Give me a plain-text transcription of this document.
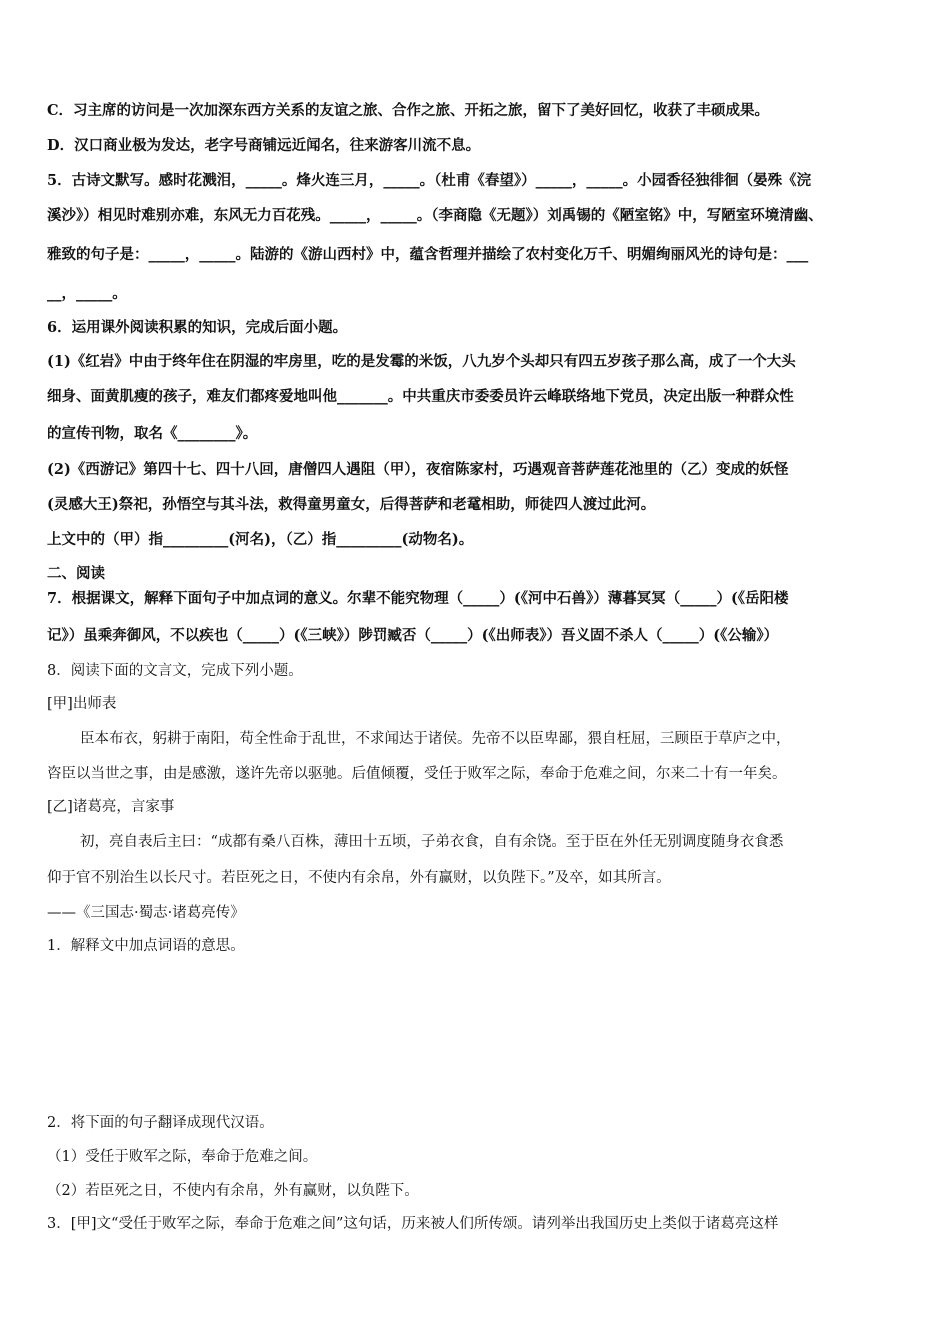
C．习主席的访问是一次加深东西方关系的友谊之旅、合作之旅、开拓之旅，留下了美好回忆，收获了丰硕成果。
D．汉口商业极为发达，老字号商铺远近闻名，往来游客川流不息。
5．古诗文默写。感时花溅泪，_____。烽火连三月，_____。（杜甫《春望》）_____，_____。小园香径独徘徊（晏殊《浣
溪沙》）相见时难别亦难，东风无力百花残。_____，_____。（李商隐《无题》）刘禹锡的《陋室铭》中，写陋室环境清幽、
雅致的句子是：_____，_____。陆游的《游山西村》中，蕴含哲理并描绘了农村变化万千、明媚绚丽风光的诗句是：___
__，_____。
6．运用课外阅读积累的知识，完成后面小题。
(1)《红岩》中由于终年住在阴湿的牢房里，吃的是发霉的米饭，八九岁个头却只有四五岁孩子那么高，成了一个大头
细身、面黄肌瘦的孩子，难友们都疼爱地叫他_______。中共重庆市委委员许云峰联络地下党员，决定出版一种群众性
的宣传刊物，取名《________》。
(2)《西游记》第四十七、四十八回，唐僧四人遇阻（甲），夜宿陈家村，巧遇观音菩萨莲花池里的（乙）变成的妖怪
(灵感大王)祭祀，孙悟空与其斗法，救得童男童女，后得菩萨和老鼋相助，师徒四人渡过此河。
上文中的（甲）指_________(河名)，（乙）指_________(动物名)。
二、阅读
7．根据课文，解释下面句子中加点词的意义。尔辈不能究物理（_____）(《河中石兽》）薄暮冥冥（_____）(《岳阳楼
记》）虽乘奔御风，不以疾也（_____）(《三峡》）陟罚臧否（_____）(《出师表》）吾义固不杀人（_____）(《公输》）
8．阅读下面的文言文，完成下列小题。
[甲]出师表
臣本布衣，躬耕于南阳，苟全性命于乱世，不求闻达于诸侯。先帝不以臣卑鄙，猥自枉屈，三顾臣于草庐之中，
咨臣以当世之事，由是感激，遂许先帝以驱驰。后值倾覆，受任于败军之际，奉命于危难之间，尔来二十有一年矣。
[乙]诸葛亮，言家事
初，亮自表后主曰：“成都有桑八百株，薄田十五顷，子弟衣食，自有余饶。至于臣在外任无别调度随身衣食悉
仰于官不别治生以长尺寸。若臣死之日，不使内有余帛，外有赢财，以负陛下。”及卒，如其所言。
——《三国志·蜀志·诸葛亮传》
1．解释文中加点词语的意思。
2．将下面的句子翻译成现代汉语。
（1）受任于败军之际，奉命于危难之间。
（2）若臣死之日，不使内有余帛，外有赢财，以负陛下。
3．[甲]文“受任于败军之际，奉命于危难之间”这句话，历来被人们所传颂。请列举出我国历史上类似于诸葛亮这样
